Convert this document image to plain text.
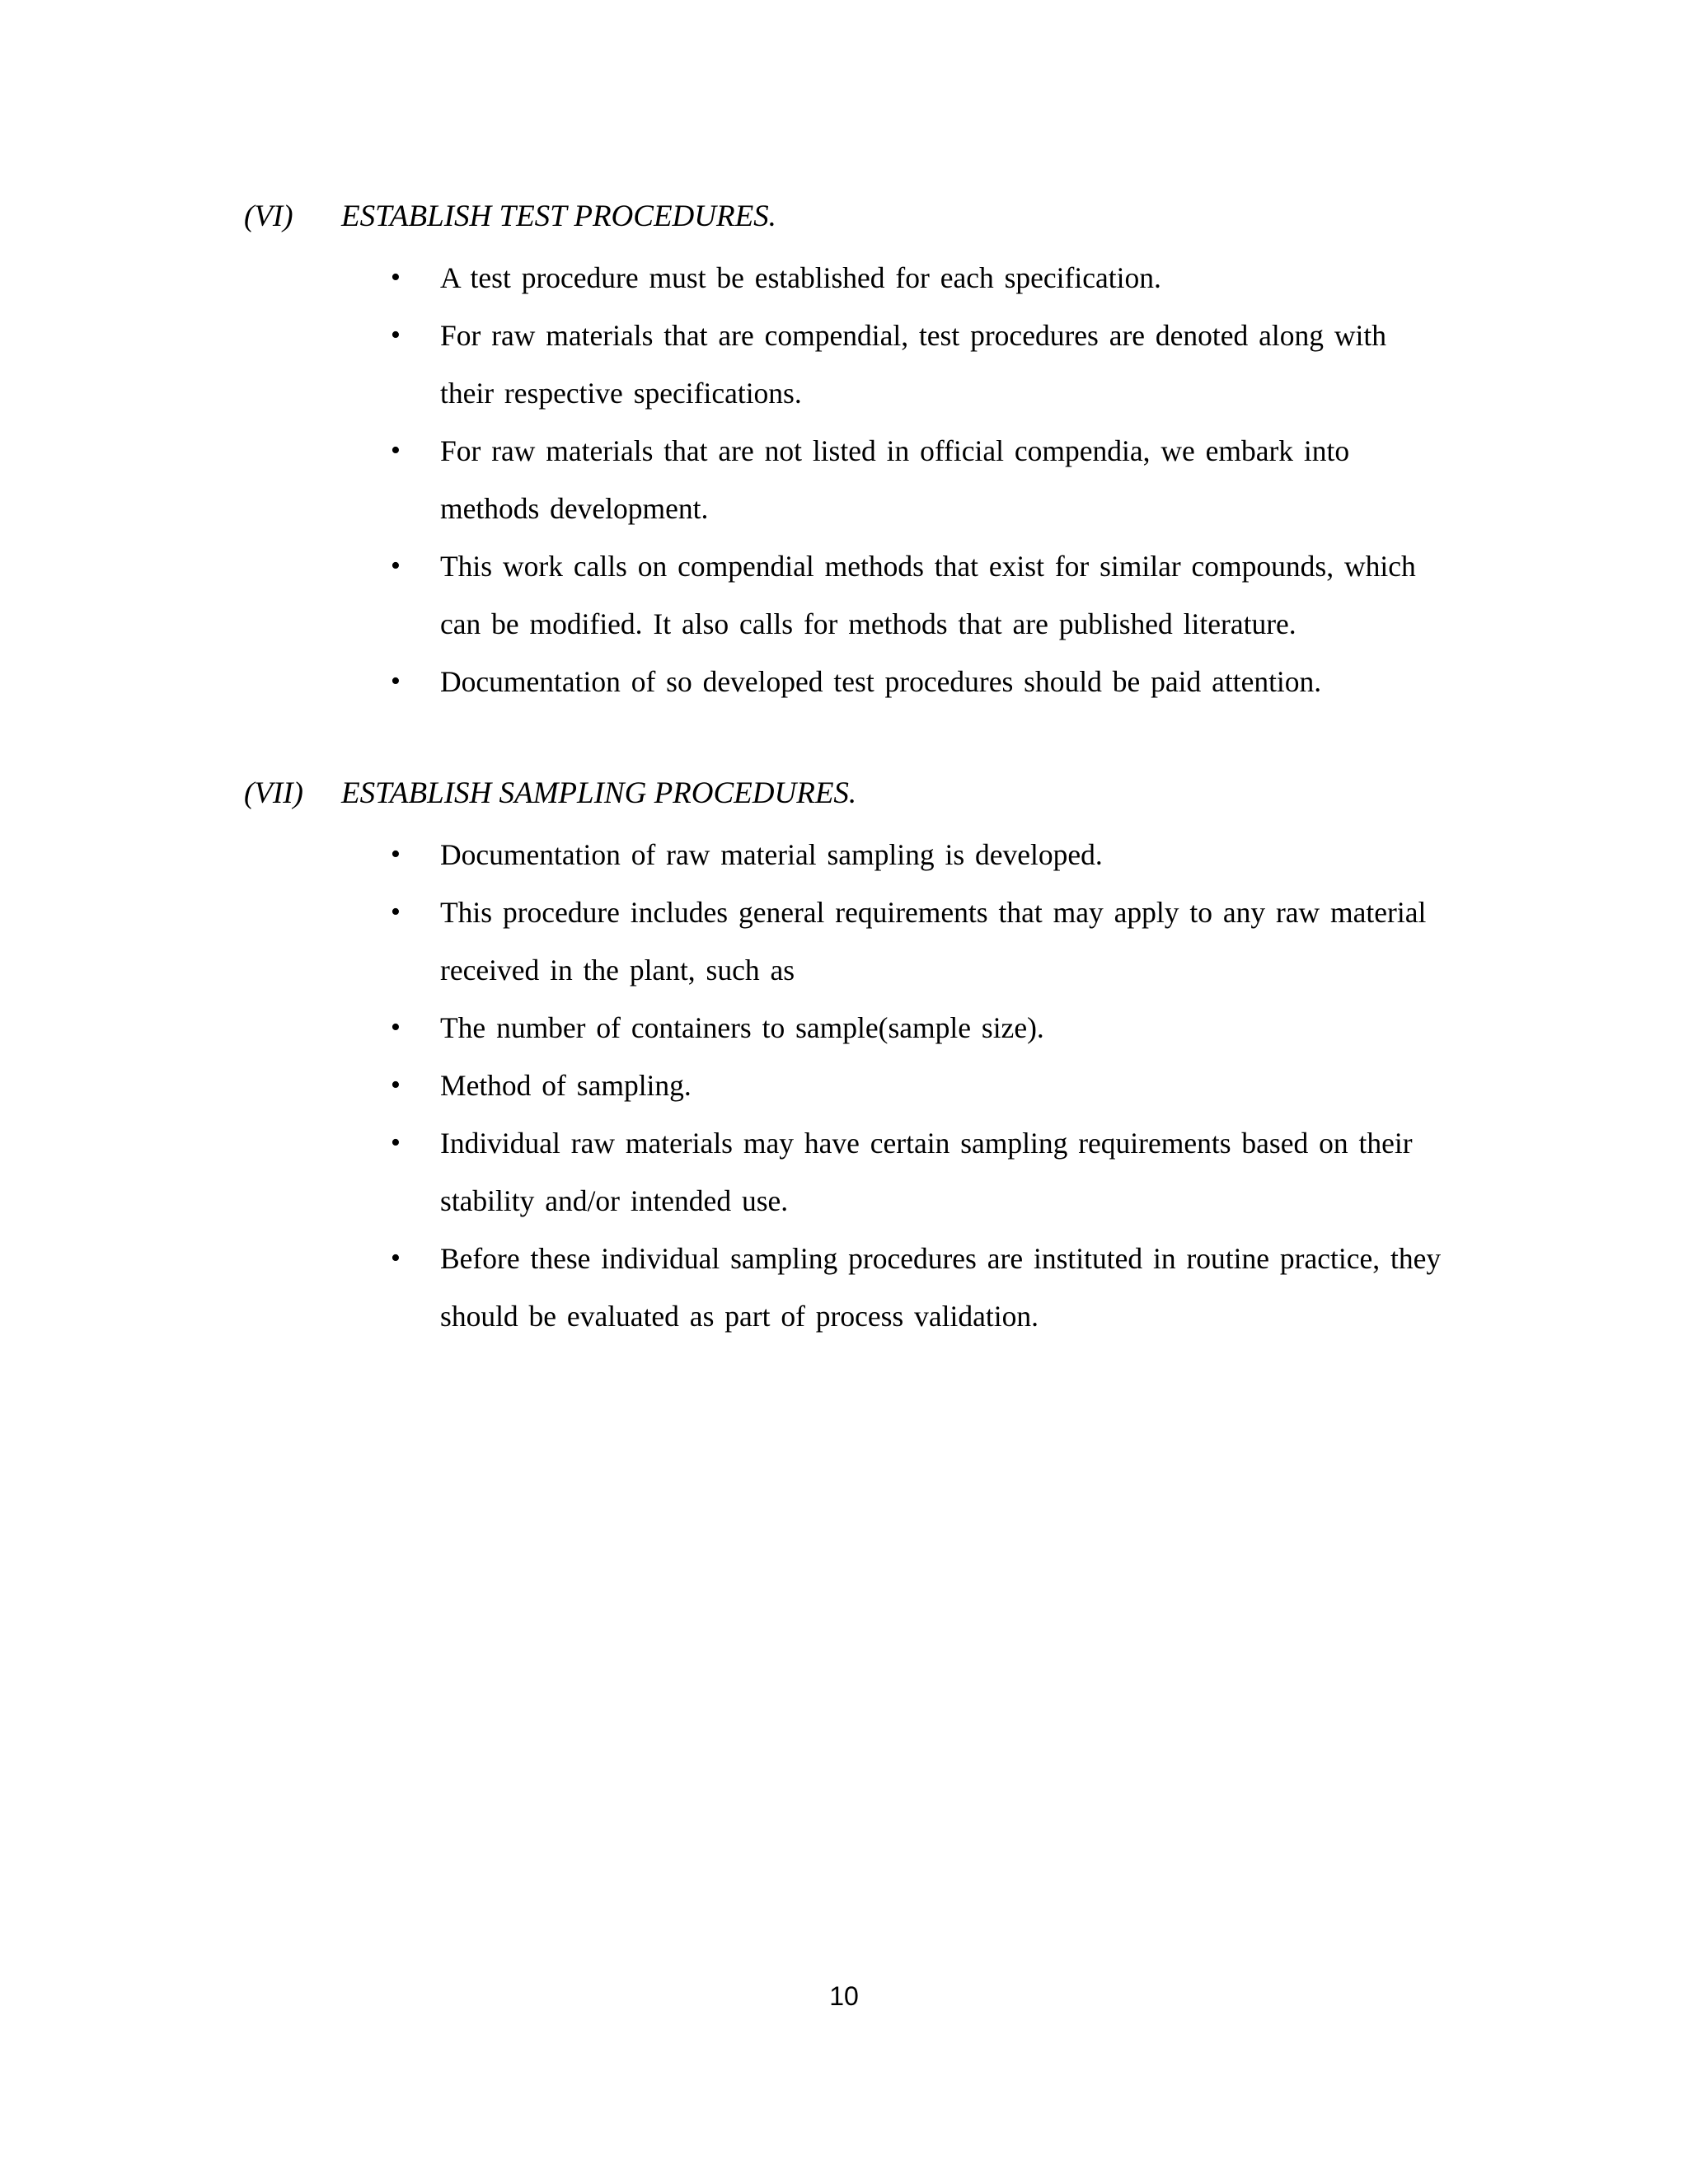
(VI) ESTABLISH TEST PROCEDURES.
• A test procedure must be established for each specification.
• For raw materials that are compendial, test procedures are denoted along with their respective specifications.
• For raw materials that are not listed in official compendia, we embark into methods development.
• This work calls on compendial methods that exist for similar compounds, which can be modified. It also calls for methods that are published literature.
• Documentation of so developed test procedures should be paid attention.
(VII) ESTABLISH SAMPLING PROCEDURES.
• Documentation of raw material sampling is developed.
• This procedure includes general requirements that may apply to any raw material received in the plant, such as
• The number of containers to sample(sample size).
• Method of sampling.
• Individual raw materials may have certain sampling requirements based on their stability and/or intended use.
• Before these individual sampling procedures are instituted in routine practice, they should be evaluated as part of process validation.
10
